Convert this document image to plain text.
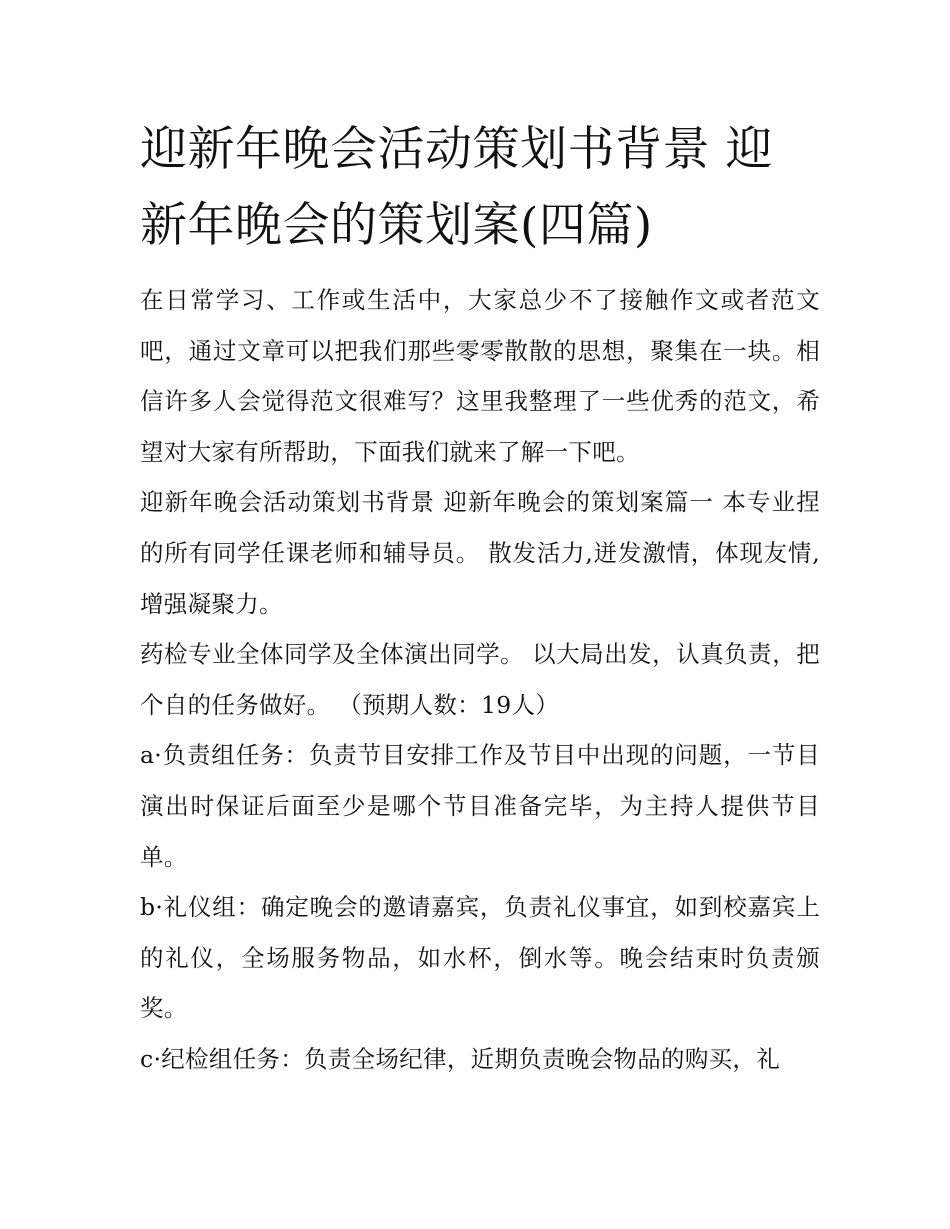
迎新年晚会活动策划书背景 迎新年晚会的策划案(四篇)

在日常学习、工作或生活中，大家总少不了接触作文或者范文吧，通过文章可以把我们那些零零散散的思想，聚集在一块。相信许多人会觉得范文很难写？这里我整理了一些优秀的范文，希望对大家有所帮助，下面我们就来了解一下吧。

迎新年晚会活动策划书背景 迎新年晚会的策划案篇一 本专业捏的所有同学任课老师和辅导员。 散发活力,迸发激情，体现友情,增强凝聚力。

药检专业全体同学及全体演出同学。 以大局出发，认真负责，把个自的任务做好。 （预期人数：19人）

a·负责组任务：负责节目安排工作及节目中出现的问题，一节目演出时保证后面至少是哪个节目准备完毕，为主持人提供节目单。

b·礼仪组：确定晚会的邀请嘉宾，负责礼仪事宜，如到校嘉宾上的礼仪，全场服务物品，如水杯，倒水等。晚会结束时负责颁奖。

c·纪检组任务：负责全场纪律，近期负责晚会物品的购买，礼
